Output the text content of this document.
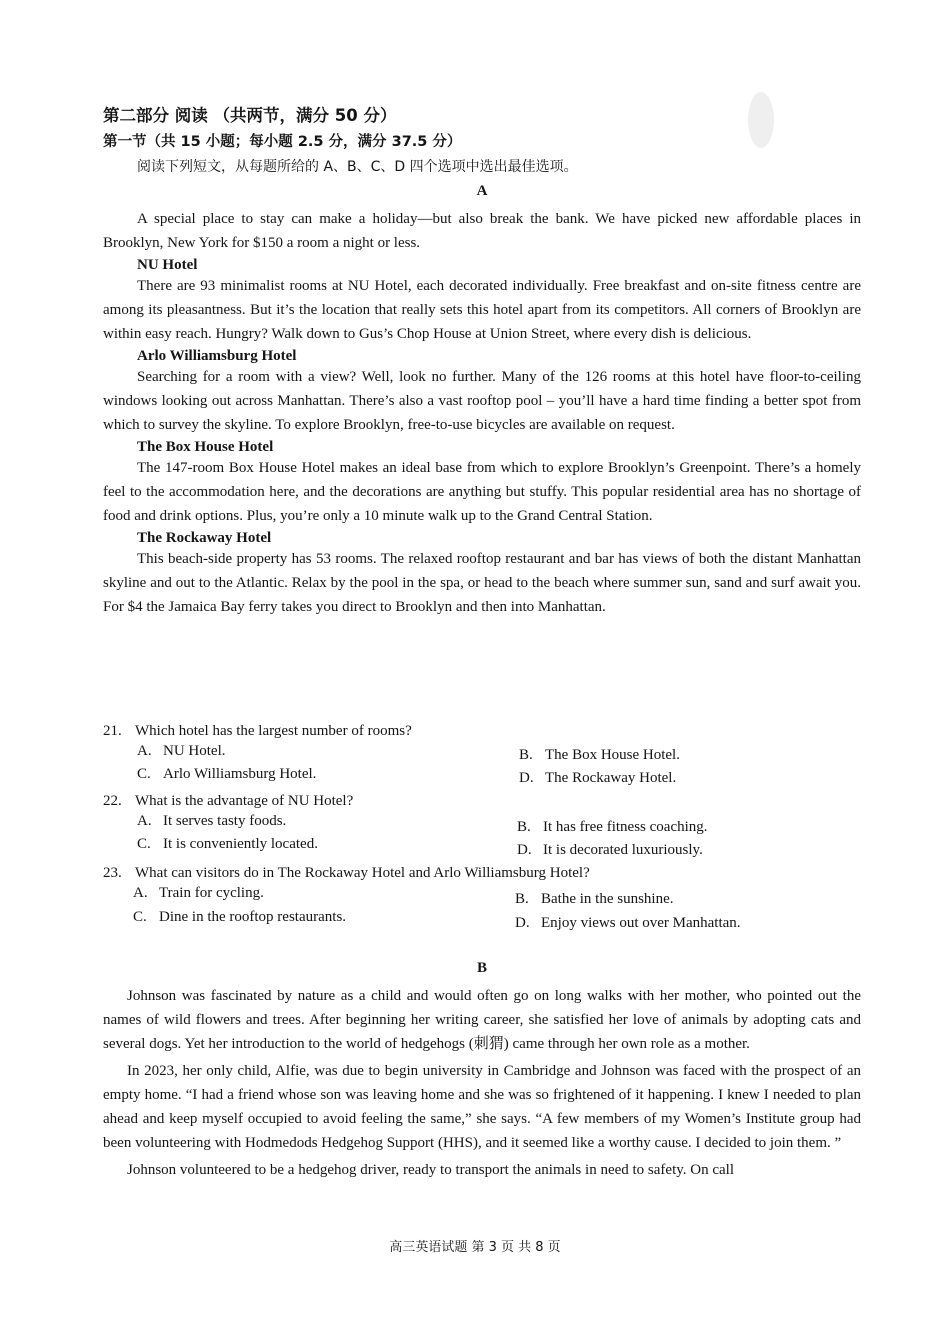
第二部分 阅读 （共两节，满分 50 分）
第一节（共 15 小题；每小题 2.5 分，满分 37.5 分）
阅读下列短文，从每题所给的 A、B、C、D 四个选项中选出最佳选项。
A

A special place to stay can make a holiday—but also break the bank. We have picked new affordable places in Brooklyn, New York for $150 a room a night or less.

NU Hotel

There are 93 minimalist rooms at NU Hotel, each decorated individually. Free breakfast and on-site fitness centre are among its pleasantness. But it’s the location that really sets this hotel apart from its competitors. All corners of Brooklyn are within easy reach. Hungry? Walk down to Gus’s Chop House at Union Street, where every dish is delicious.

Arlo Williamsburg Hotel

Searching for a room with a view? Well, look no further. Many of the 126 rooms at this hotel have floor-to-ceiling windows looking out across Manhattan. There’s also a vast rooftop pool – you’ll have a hard time finding a better spot from which to survey the skyline. To explore Brooklyn, free-to-use bicycles are available on request.

The Box House Hotel

The 147-room Box House Hotel makes an ideal base from which to explore Brooklyn’s Greenpoint. There’s a homely feel to the accommodation here, and the decorations are anything but stuffy. This popular residential area has no shortage of food and drink options. Plus, you’re only a 10 minute walk up to the Grand Central Station.

The Rockaway Hotel

This beach-side property has 53 rooms. The relaxed rooftop restaurant and bar has views of both the distant Manhattan skyline and out to the Atlantic. Relax by the pool in the spa, or head to the beach where summer sun, sand and surf await you. For $4 the Jamaica Bay ferry takes you direct to Brooklyn and then into Manhattan.

21. Which hotel has the largest number of rooms?
A. NU Hotel.	B. The Box House Hotel.
C. Arlo Williamsburg Hotel.	D. The Rockaway Hotel.
22. What is the advantage of NU Hotel?
A. It serves tasty foods.	B. It has free fitness coaching.
C. It is conveniently located.	D. It is decorated luxuriously.
23. What can visitors do in The Rockaway Hotel and Arlo Williamsburg Hotel?
A. Train for cycling.	B. Bathe in the sunshine.
C. Dine in the rooftop restaurants.	D. Enjoy views out over Manhattan.
B

Johnson was fascinated by nature as a child and would often go on long walks with her mother, who pointed out the names of wild flowers and trees. After beginning her writing career, she satisfied her love of animals by adopting cats and several dogs. Yet her introduction to the world of hedgehogs (刺猬) came through her own role as a mother.

In 2023, her only child, Alfie, was due to begin university in Cambridge and Johnson was faced with the prospect of an empty home. “I had a friend whose son was leaving home and she was so frightened of it happening. I knew I needed to plan ahead and keep myself occupied to avoid feeling the same,” she says. “A few members of my Women’s Institute group had been volunteering with Hodmedods Hedgehog Support (HHS), and it seemed like a worthy cause. I decided to join them. ”

Johnson volunteered to be a hedgehog driver, ready to transport the animals in need to safety. On call

高三英语试题 第 3 页 共 8 页
